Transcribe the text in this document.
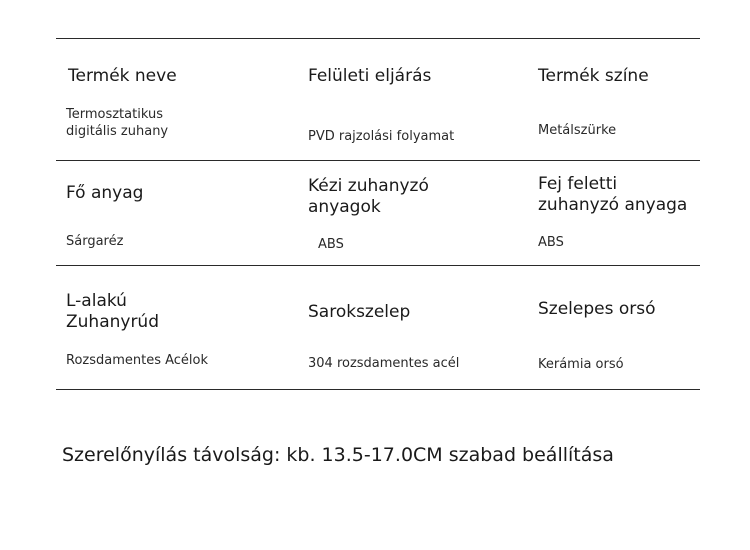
Termék neve
Termosztatikus
digitális zuhany
Felületi eljárás
PVD rajzolási folyamat
Termék színe
Metálszürke
Fő anyag
Sárgaréz
Kézi zuhanyzó
anyagok
ABS
Fej feletti
zuhanyzó anyaga
ABS
L-alakú
Zuhanyrúd
Rozsdamentes Acélok
Sarokszelep
304 rozsdamentes acél
Szelepes orsó
Kerámia orsó
Szerelőnyílás távolság: kb. 13.5-17.0CM szabad beállítása
